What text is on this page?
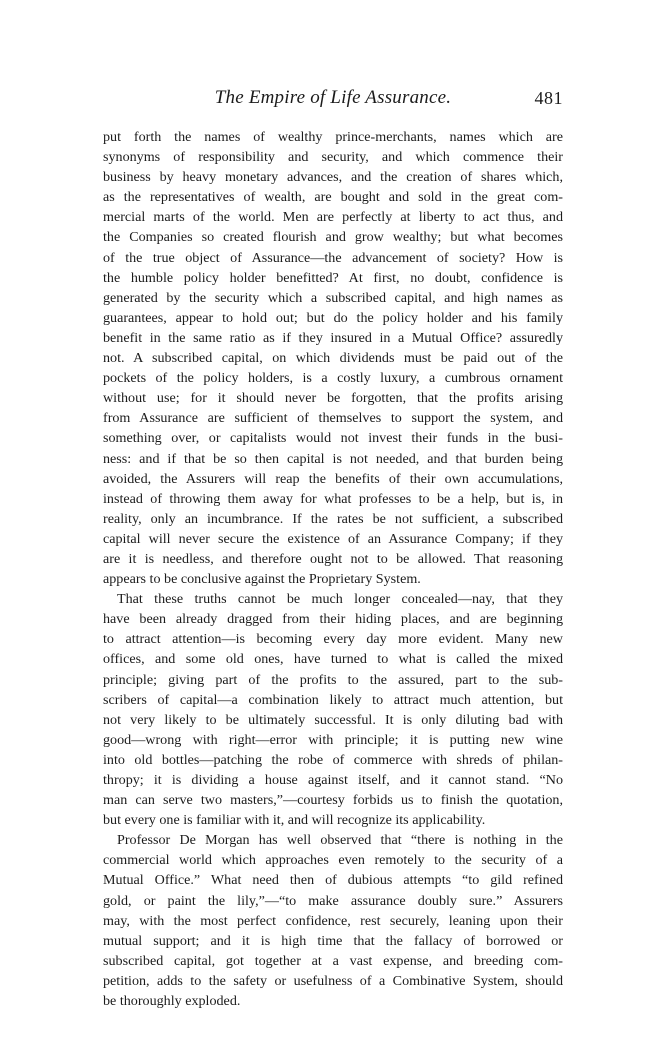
The Empire of Life Assurance.	481

put forth the names of wealthy prince-merchants, names which are

synonyms of responsibility and security, and which commence their

business by heavy monetary advances, and the creation of shares which,

as the representatives of wealth, are bought and sold in the great com-

mercial marts of the world. Men are perfectly at liberty to act thus, and

the Companies so created flourish and grow wealthy; but what becomes

of the true object of Assurance—the advancement of society? How is

the humble policy holder benefitted? At first, no doubt, confidence is

generated by the security which a subscribed capital, and high names as

guarantees, appear to hold out; but do the policy holder and his family

benefit in the same ratio as if they insured in a Mutual Office? assuredly

not. A subscribed capital, on which dividends must be paid out of the

pockets of the policy holders, is a costly luxury, a cumbrous ornament

without use; for it should never be forgotten, that the profits arising

from Assurance are sufficient of themselves to support the system, and

something over, or capitalists would not invest their funds in the busi-

ness: and if that be so then capital is not needed, and that burden being

avoided, the Assurers will reap the benefits of their own accumulations,

instead of throwing them away for what professes to be a help, but is, in

reality, only an incumbrance. If the rates be not sufficient, a subscribed

capital will never secure the existence of an Assurance Company; if they

are it is needless, and therefore ought not to be allowed. That reasoning

appears to be conclusive against the Proprietary System.

That these truths cannot be much longer concealed—nay, that they

have been already dragged from their hiding places, and are beginning

to attract attention—is becoming every day more evident. Many new

offices, and some old ones, have turned to what is called the mixed

principle; giving part of the profits to the assured, part to the sub-

scribers of capital—a combination likely to attract much attention, but

not very likely to be ultimately successful. It is only diluting bad with

good—wrong with right—error with principle; it is putting new wine

into old bottles—patching the robe of commerce with shreds of philan-

thropy; it is dividing a house against itself, and it cannot stand. “No

man can serve two masters,”—courtesy forbids us to finish the quotation,

but every one is familiar with it, and will recognize its applicability.

Professor De Morgan has well observed that “there is nothing in the

commercial world which approaches even remotely to the security of a

Mutual Office.” What need then of dubious attempts “to gild refined

gold, or paint the lily,”—“to make assurance doubly sure.” Assurers

may, with the most perfect confidence, rest securely, leaning upon their

mutual support; and it is high time that the fallacy of borrowed or

subscribed capital, got together at a vast expense, and breeding com-

petition, adds to the safety or usefulness of a Combinative System, should

be thoroughly exploded.
